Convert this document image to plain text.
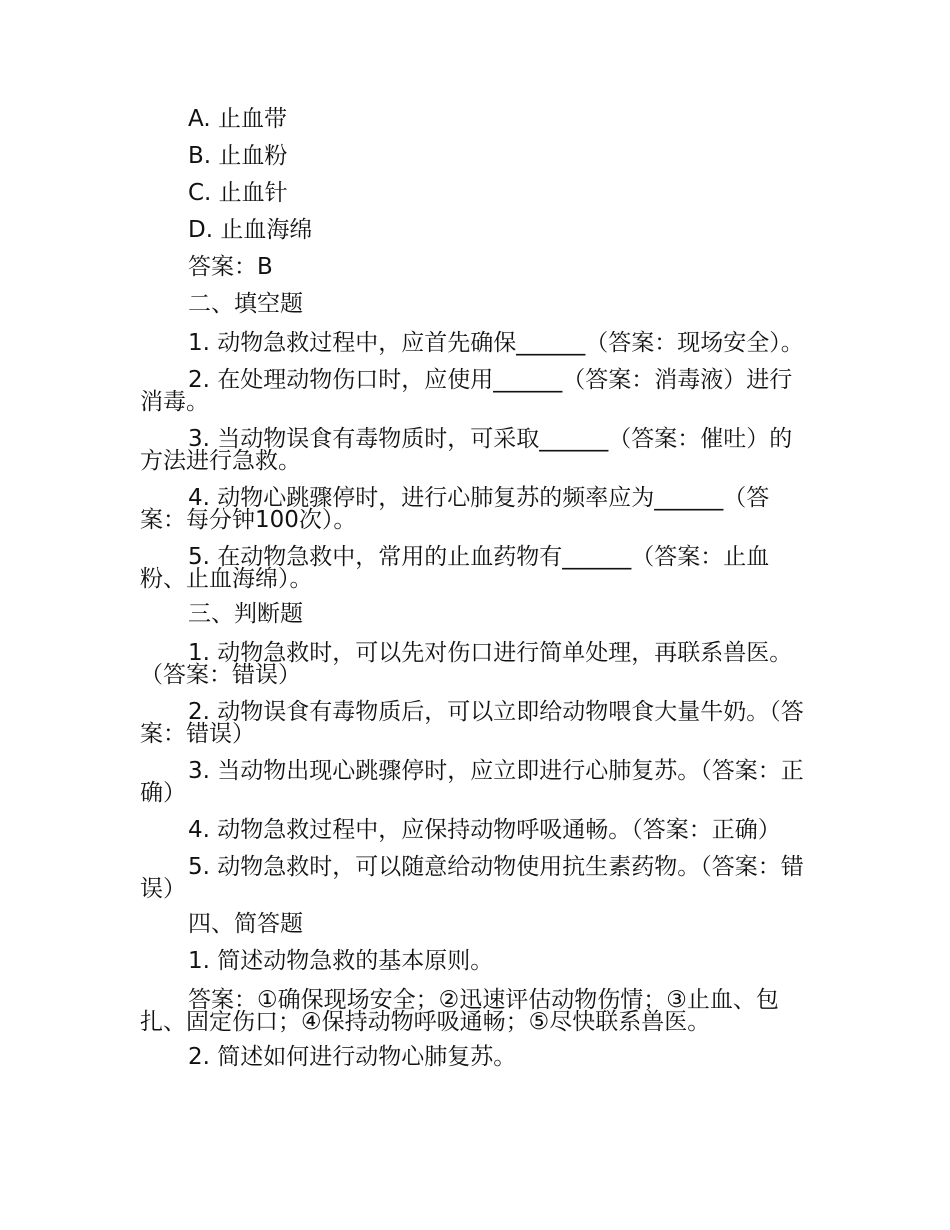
A. 止血带
B. 止血粉
C. 止血针
D. 止血海绵
答案：B
二、填空题
1. 动物急救过程中，应首先确保______（答案：现场安全）。
2. 在处理动物伤口时，应使用______（答案：消毒液）进行消毒。
3. 当动物误食有毒物质时，可采取______（答案：催吐）的方法进行急救。
4. 动物心跳骤停时，进行心肺复苏的频率应为______（答案：每分钟100次）。
5. 在动物急救中，常用的止血药物有______（答案：止血粉、止血海绵）。
三、判断题
1. 动物急救时，可以先对伤口进行简单处理，再联系兽医。（答案：错误）
2. 动物误食有毒物质后，可以立即给动物喂食大量牛奶。（答案：错误）
3. 当动物出现心跳骤停时，应立即进行心肺复苏。（答案：正确）
4. 动物急救过程中，应保持动物呼吸通畅。（答案：正确）
5. 动物急救时，可以随意给动物使用抗生素药物。（答案：错误）
四、简答题
1. 简述动物急救的基本原则。
答案：①确保现场安全；②迅速评估动物伤情；③止血、包扎、固定伤口；④保持动物呼吸通畅；⑤尽快联系兽医。
2. 简述如何进行动物心肺复苏。
